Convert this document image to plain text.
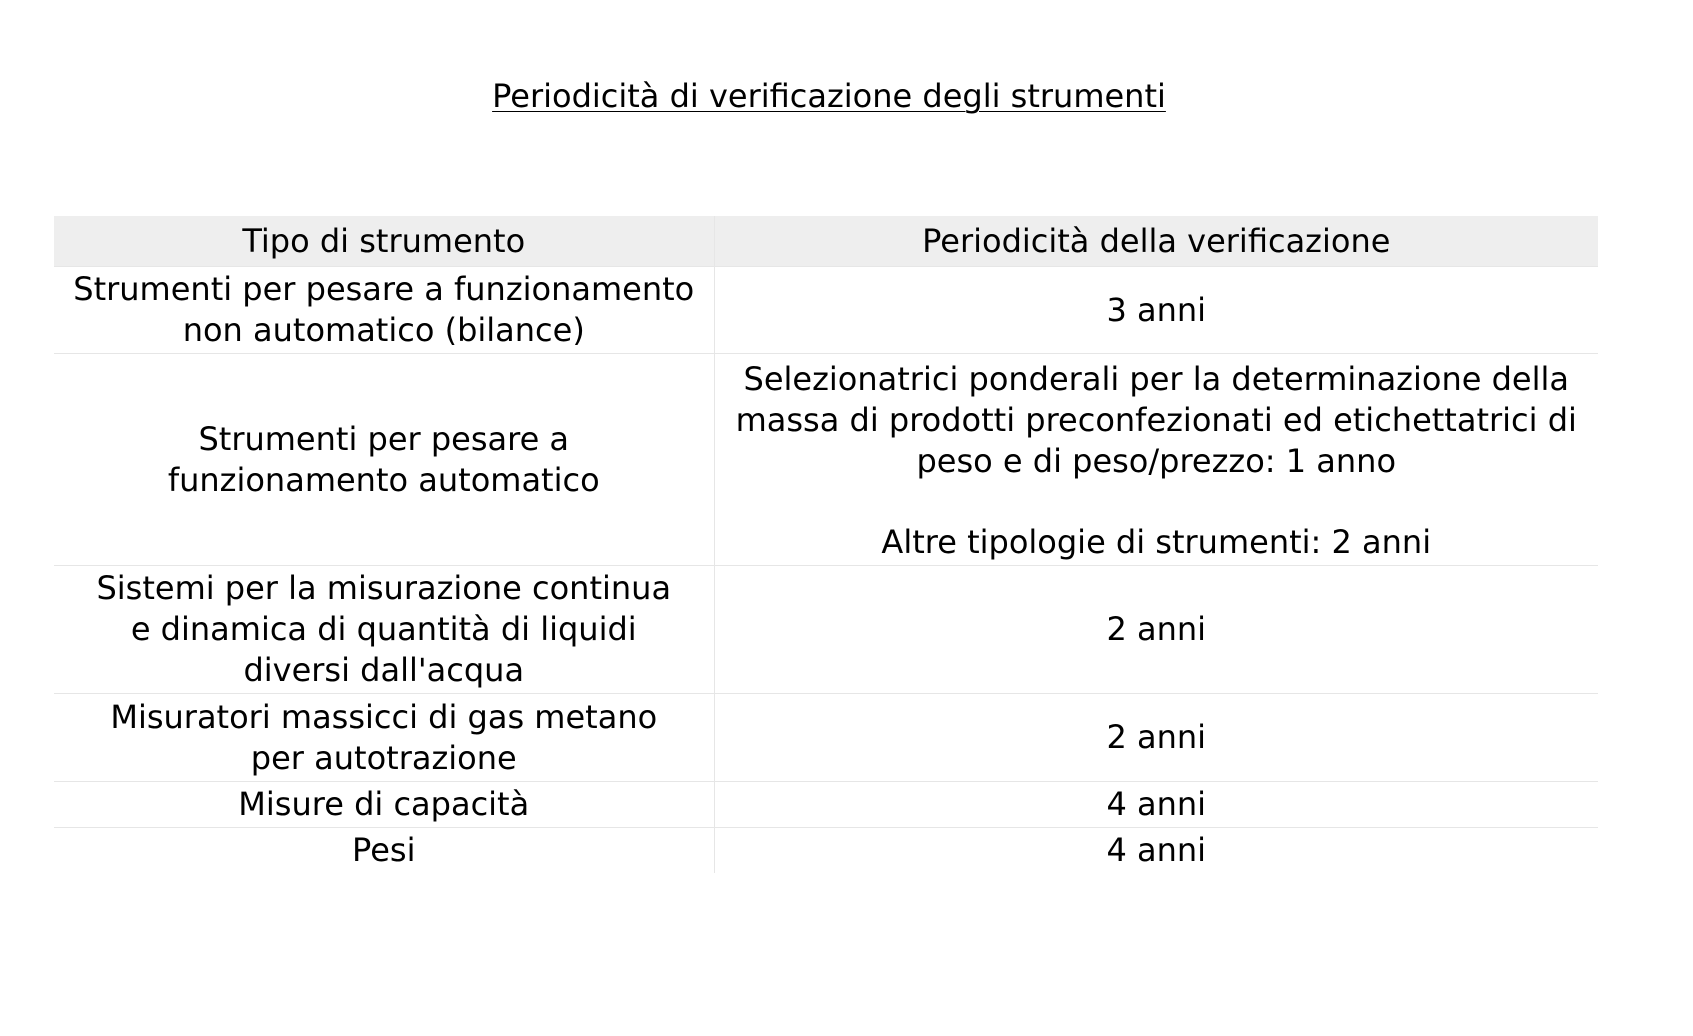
Periodicità di verificazione degli strumenti
Tipo di strumento	Periodicità della verificazione
Strumenti per pesare a funzionamento non automatico (bilance)	3 anni
Strumenti per pesare a funzionamento automatico	Selezionatrici ponderali per la determinazione della massa di prodotti preconfezionati ed etichettatrici di peso e di peso/prezzo: 1 anno
Altre tipologie di strumenti: 2 anni

Sistemi per la misurazione continua e dinamica di quantità di liquidi diversi dall'acqua	2 anni
Misuratori massicci di gas metano per autotrazione	2 anni
Misure di capacità	4 anni
Pesi	4 anni
